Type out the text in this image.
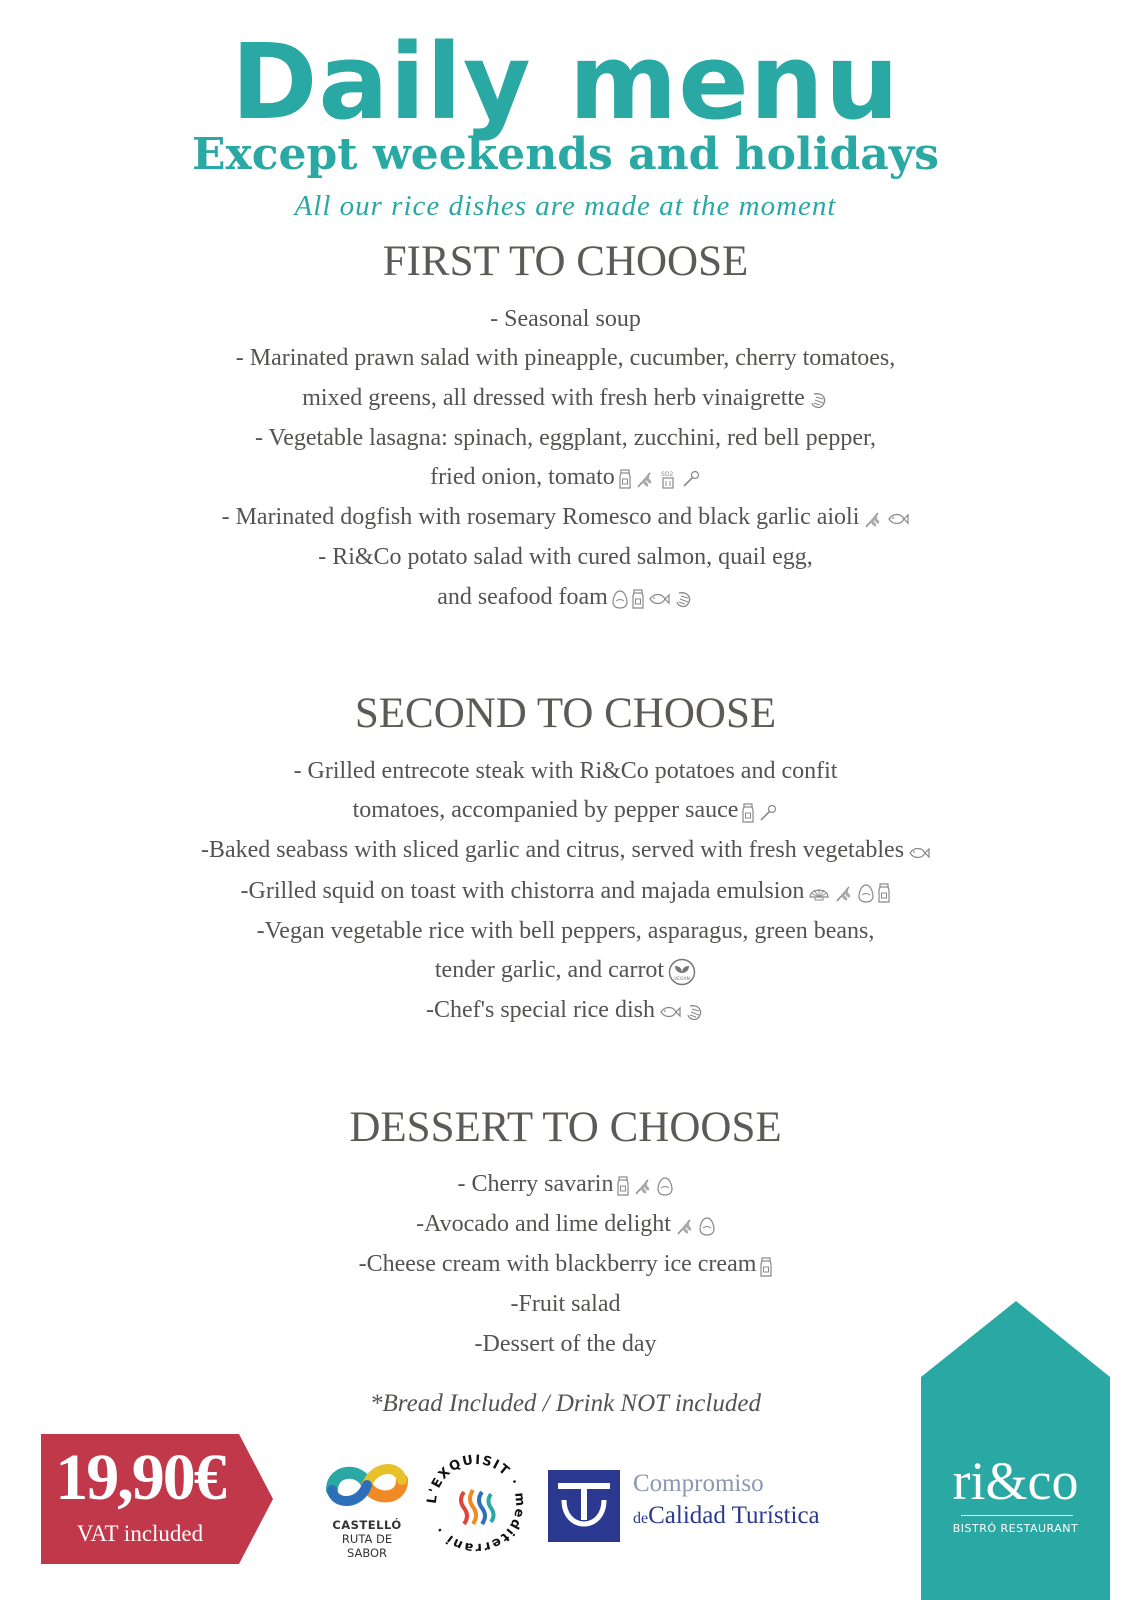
Daily menu
Except weekends and holidays
All our rice dishes are made at the moment
FIRST TO CHOOSE
- Seasonal soup
- Marinated prawn salad with pineapple, cucumber, cherry tomatoes,
mixed greens, all dressed with fresh herb vinaigrette
- Vegetable lasagna: spinach, eggplant, zucchini, red bell pepper,
fried onion, tomato	SO2
- Marinated dogfish with rosemary Romesco and black garlic aioli
- Ri&Co potato salad with cured salmon, quail egg,
and seafood foam
SECOND TO CHOOSE
- Grilled entrecote steak with Ri&Co potatoes and confit
tomatoes, accompanied by pepper sauce
-Baked seabass with sliced garlic and citrus, served with fresh vegetables
-Grilled squid on toast with chistorra and majada emulsion
-Vegan vegetable rice with bell peppers, asparagus, green beans,
tender garlic, and carrot VEGAN
-Chef's special rice dish
DESSERT TO CHOOSE
- Cherry savarin
-Avocado and lime delight
-Cheese cream with blackberry ice cream
-Fruit salad
-Dessert of the day
*Bread Included / Drink NOT included
19,90€
VAT included	CASTELLÓ
RUTA DE
SABOR
L'EXQUISIT · mediterrani ·
Compromiso
deCalidad Turística
ri&co
BISTRÓ RESTAURANT
